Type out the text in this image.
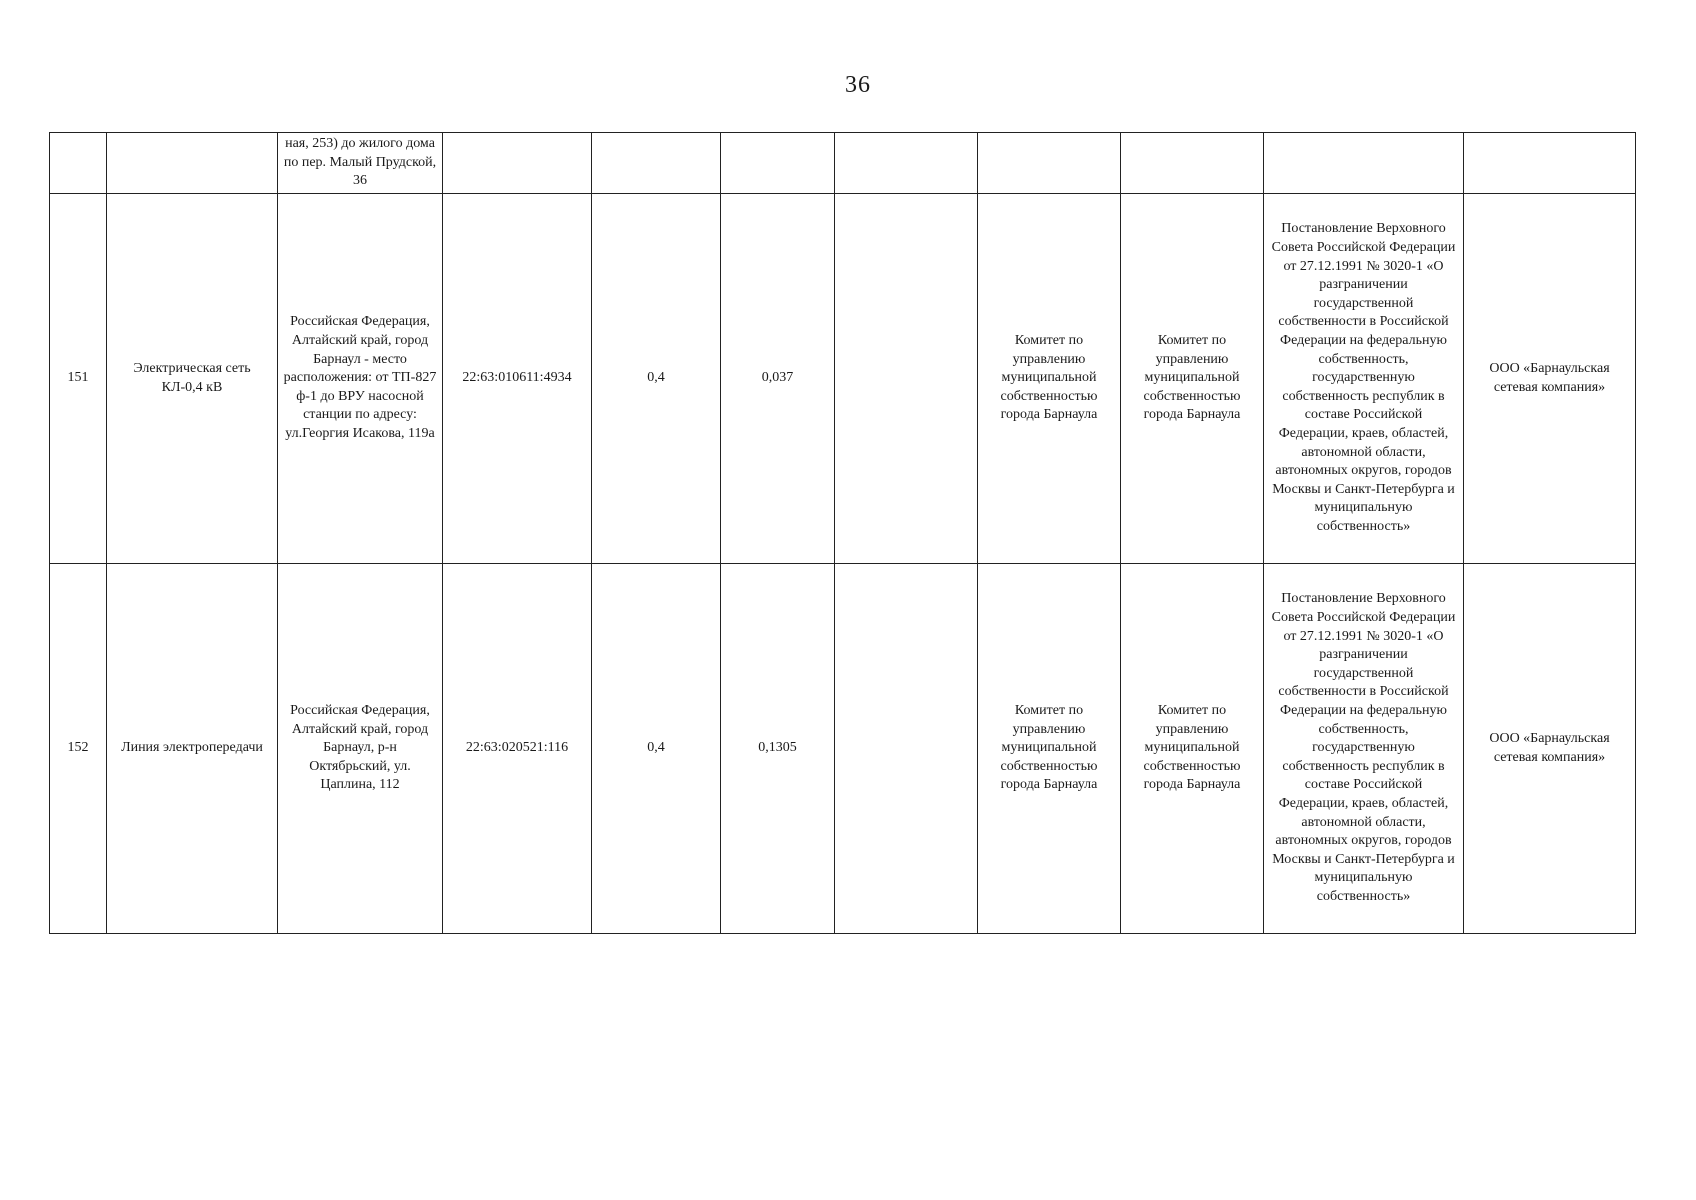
36
		ная, 253) до жилого дома по пер. Малый Прудской, 36								
151	Электрическая сеть КЛ-0,4 кВ	Российская Федерация, Алтайский край, город Барнаул - место расположения: от ТП-827 ф-1 до ВРУ насосной станции по адресу: ул.Георгия Исакова, 119а	22:63:010611:4934	0,4	0,037		Комитет по управлению муниципальной собственностью города Барнаула	Комитет по управлению муниципальной собственностью города Барнаула	Постановление Верховного Совета Российской Федерации от 27.12.1991 № 3020-1 «О разграничении государственной собственности в Российской Федерации на федеральную собственность, государственную собственность республик в составе Российской Федерации, краев, областей, автономной области, автономных округов, городов Москвы и Санкт-Петербурга и муниципальную собственность»	ООО «Барнаульская сетевая компания»
152	Линия электропередачи	Российская Федерация, Алтайский край, город Барнаул, р-н Октябрьский, ул. Цаплина, 112	22:63:020521:116	0,4	0,1305		Комитет по управлению муниципальной собственностью города Барнаула	Комитет по управлению муниципальной собственностью города Барнаула	Постановление Верховного Совета Российской Федерации от 27.12.1991 № 3020-1 «О разграничении государственной собственности в Российской Федерации на федеральную собственность, государственную собственность республик в составе Российской Федерации, краев, областей, автономной области, автономных округов, городов Москвы и Санкт-Петербурга и муниципальную собственность»	ООО «Барнаульская сетевая компания»
